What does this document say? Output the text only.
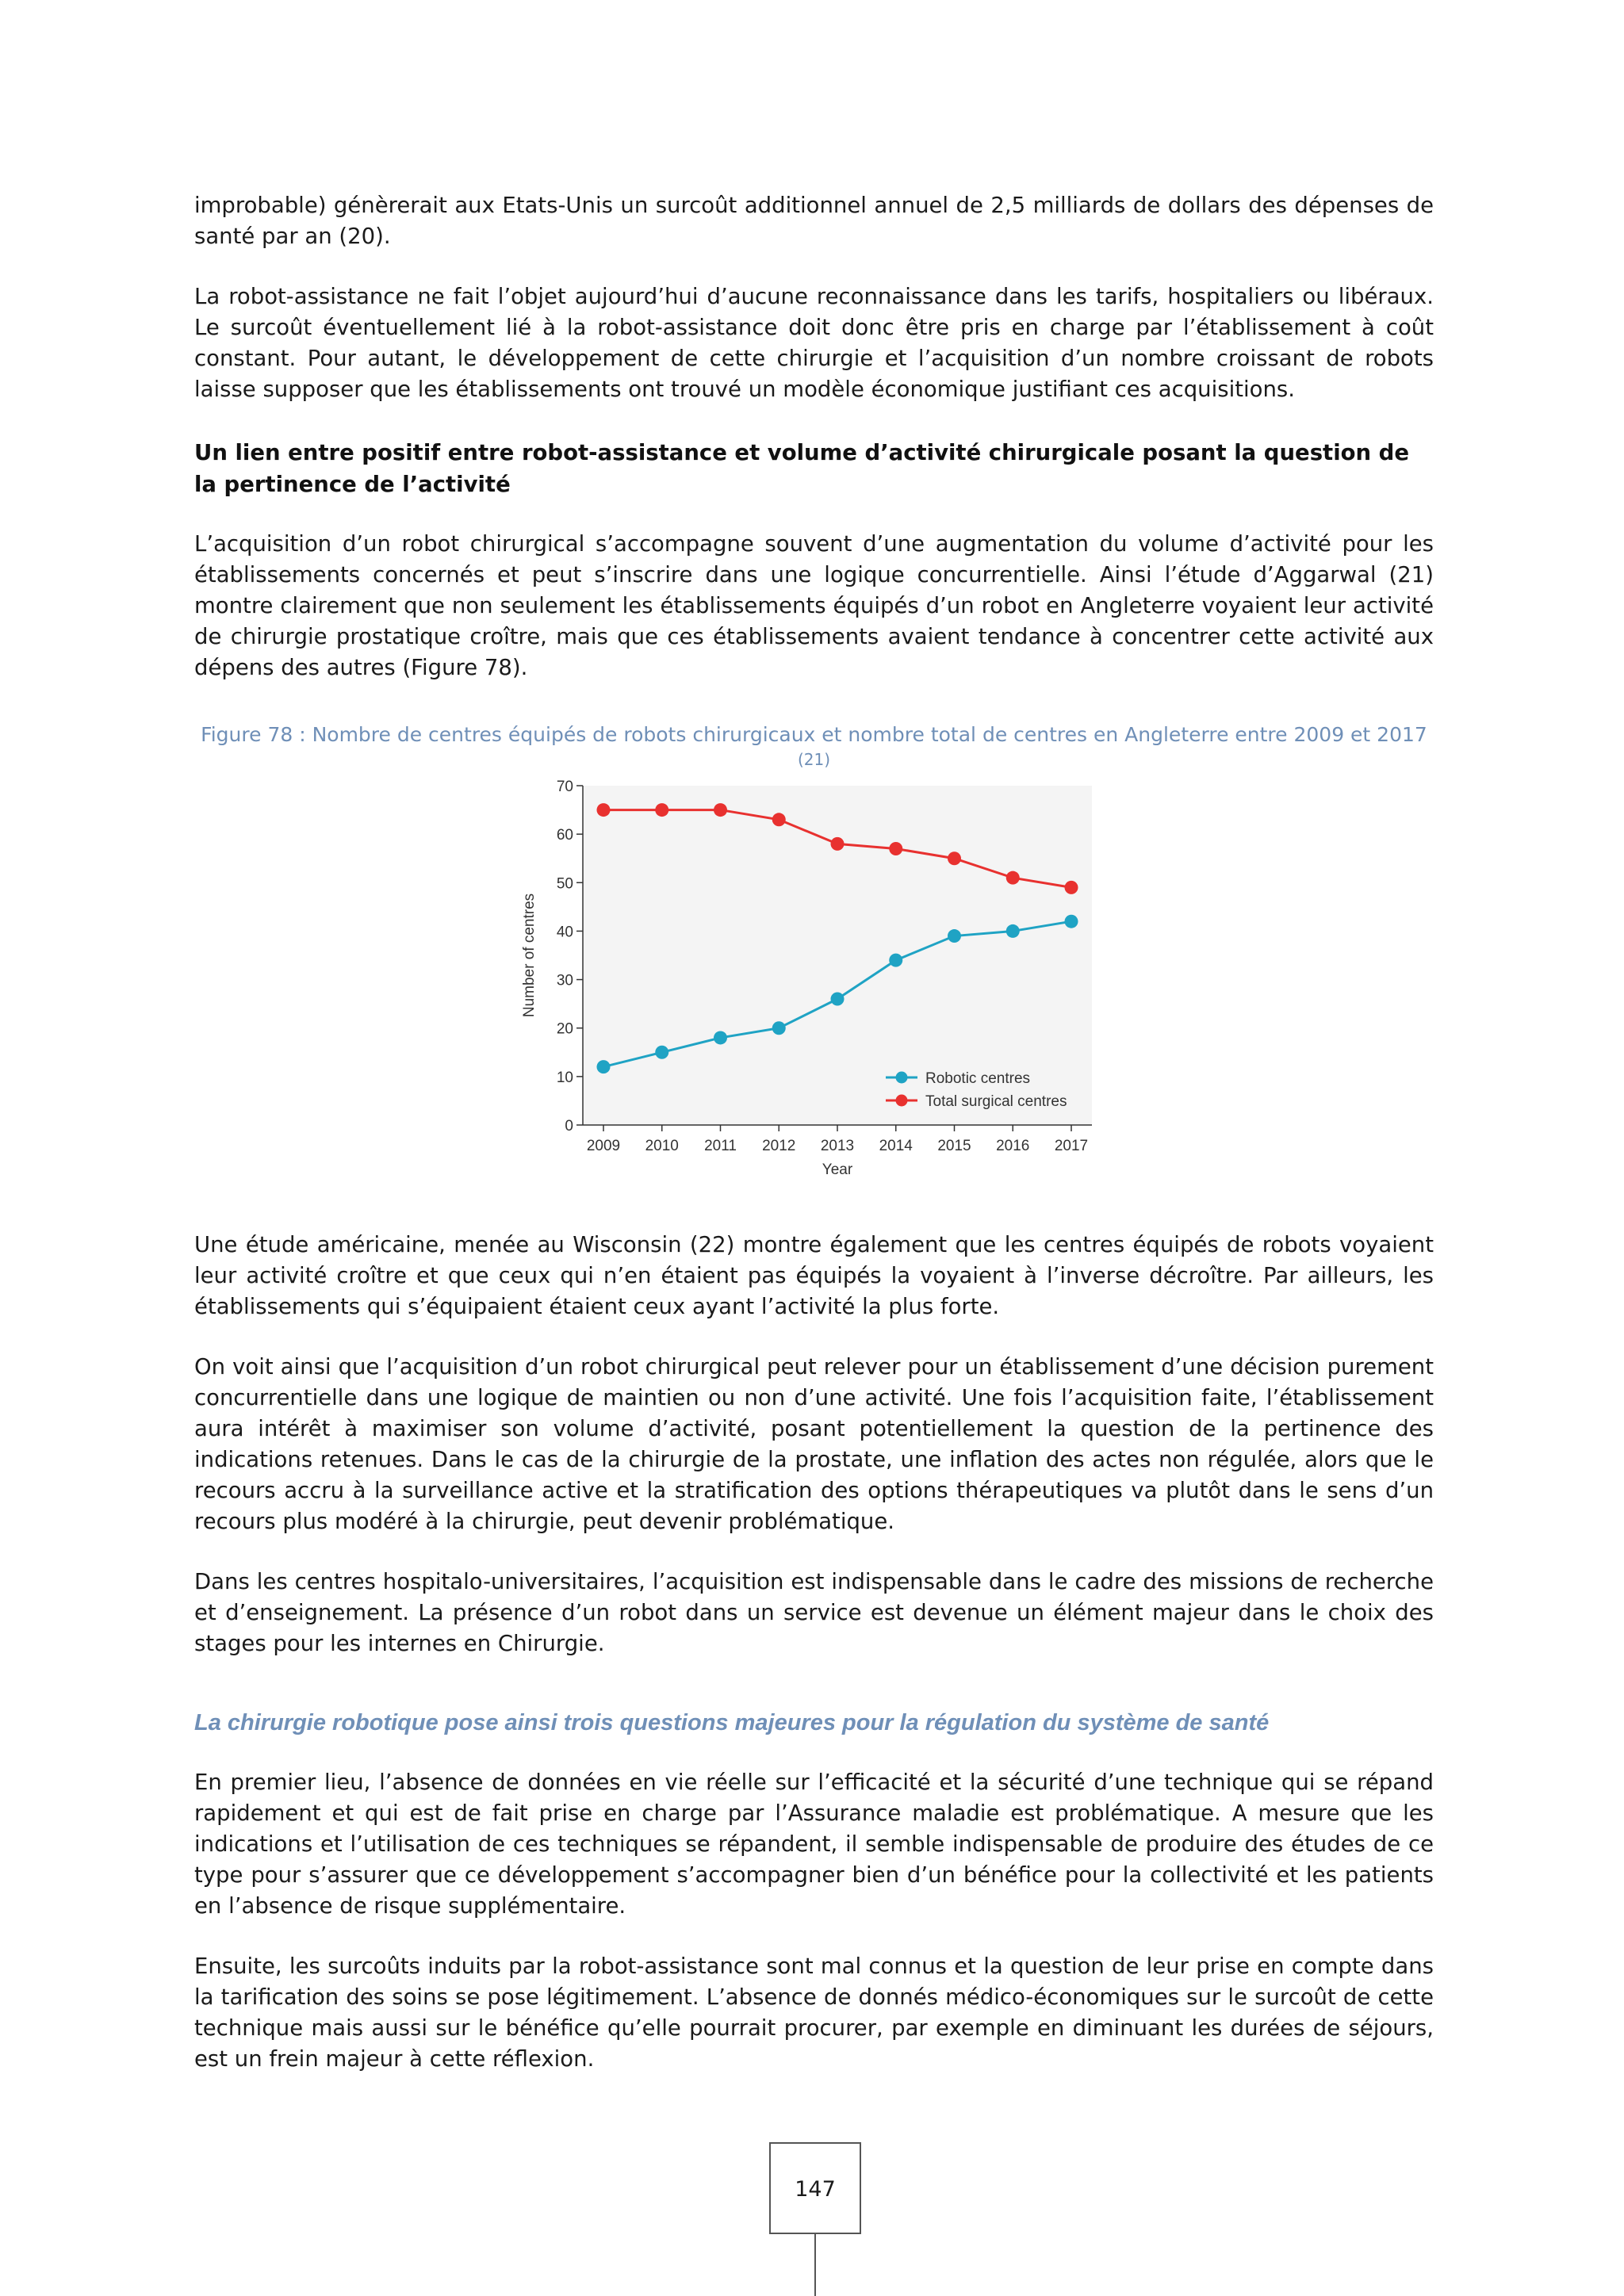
improbable) génèrerait aux Etats-Unis un surcoût additionnel annuel de 2,5 milliards de dollars des dépenses de santé par an (20).

La robot-assistance ne fait l’objet aujourd’hui d’aucune reconnaissance dans les tarifs, hospitaliers ou libéraux. Le surcoût éventuellement lié à la robot-assistance doit donc être pris en charge par l’établissement à coût constant. Pour autant, le développement de cette chirurgie et l’acquisition d’un nombre croissant de robots laisse supposer que les établissements ont trouvé un modèle économique justifiant ces acquisitions.

Un lien entre positif entre robot-assistance et volume d’activité chirurgicale posant la question de la pertinence de l’activité

L’acquisition d’un robot chirurgical s’accompagne souvent d’une augmentation du volume d’activité pour les établissements concernés et peut s’inscrire dans une logique concurrentielle. Ainsi l’étude d’Aggarwal (21) montre clairement que non seulement les établissements équipés d’un robot en Angleterre voyaient leur activité de chirurgie prostatique croître, mais que ces établissements avaient tendance à concentrer cette activité aux dépens des autres (Figure 78).

Figure 78 : Nombre de centres équipés de robots chirurgicaux et nombre total de centres en Angleterre entre 2009 et 2017 (21)
0
10
20
30
40
50
60
70
2009 2010 2011 2012 2013 2014 2015 2016 2017
Year
Number of centres
Robotic centres
Total surgical centres

Une étude américaine, menée au Wisconsin (22) montre également que les centres équipés de robots voyaient leur activité croître et que ceux qui n’en étaient pas équipés la voyaient à l’inverse décroître. Par ailleurs, les établissements qui s’équipaient étaient ceux ayant l’activité la plus forte.

On voit ainsi que l’acquisition d’un robot chirurgical peut relever pour un établissement d’une décision purement concurrentielle dans une logique de maintien ou non d’une activité. Une fois l’acquisition faite, l’établissement aura intérêt à maximiser son volume d’activité, posant potentiellement la question de la pertinence des indications retenues. Dans le cas de la chirurgie de la prostate, une inflation des actes non régulée, alors que le recours accru à la surveillance active et la stratification des options thérapeutiques va plutôt dans le sens d’un recours plus modéré à la chirurgie, peut devenir problématique.

Dans les centres hospitalo-universitaires, l’acquisition est indispensable dans le cadre des missions de recherche et d’enseignement. La présence d’un robot dans un service est devenue un élément majeur dans le choix des stages pour les internes en Chirurgie.

La chirurgie robotique pose ainsi trois questions majeures pour la régulation du système de santé

En premier lieu, l’absence de données en vie réelle sur l’efficacité et la sécurité d’une technique qui se répand rapidement et qui est de fait prise en charge par l’Assurance maladie est problématique. A mesure que les indications et l’utilisation de ces techniques se répandent, il semble indispensable de produire des études de ce type pour s’assurer que ce développement s’accompagner bien d’un bénéfice pour la collectivité et les patients en l’absence de risque supplémentaire.

Ensuite, les surcoûts induits par la robot-assistance sont mal connus et la question de leur prise en compte dans la tarification des soins se pose légitimement. L’absence de donnés médico-économiques sur le surcoût de cette technique mais aussi sur le bénéfice qu’elle pourrait procurer, par exemple en diminuant les durées de séjours, est un frein majeur à cette réflexion.

147
